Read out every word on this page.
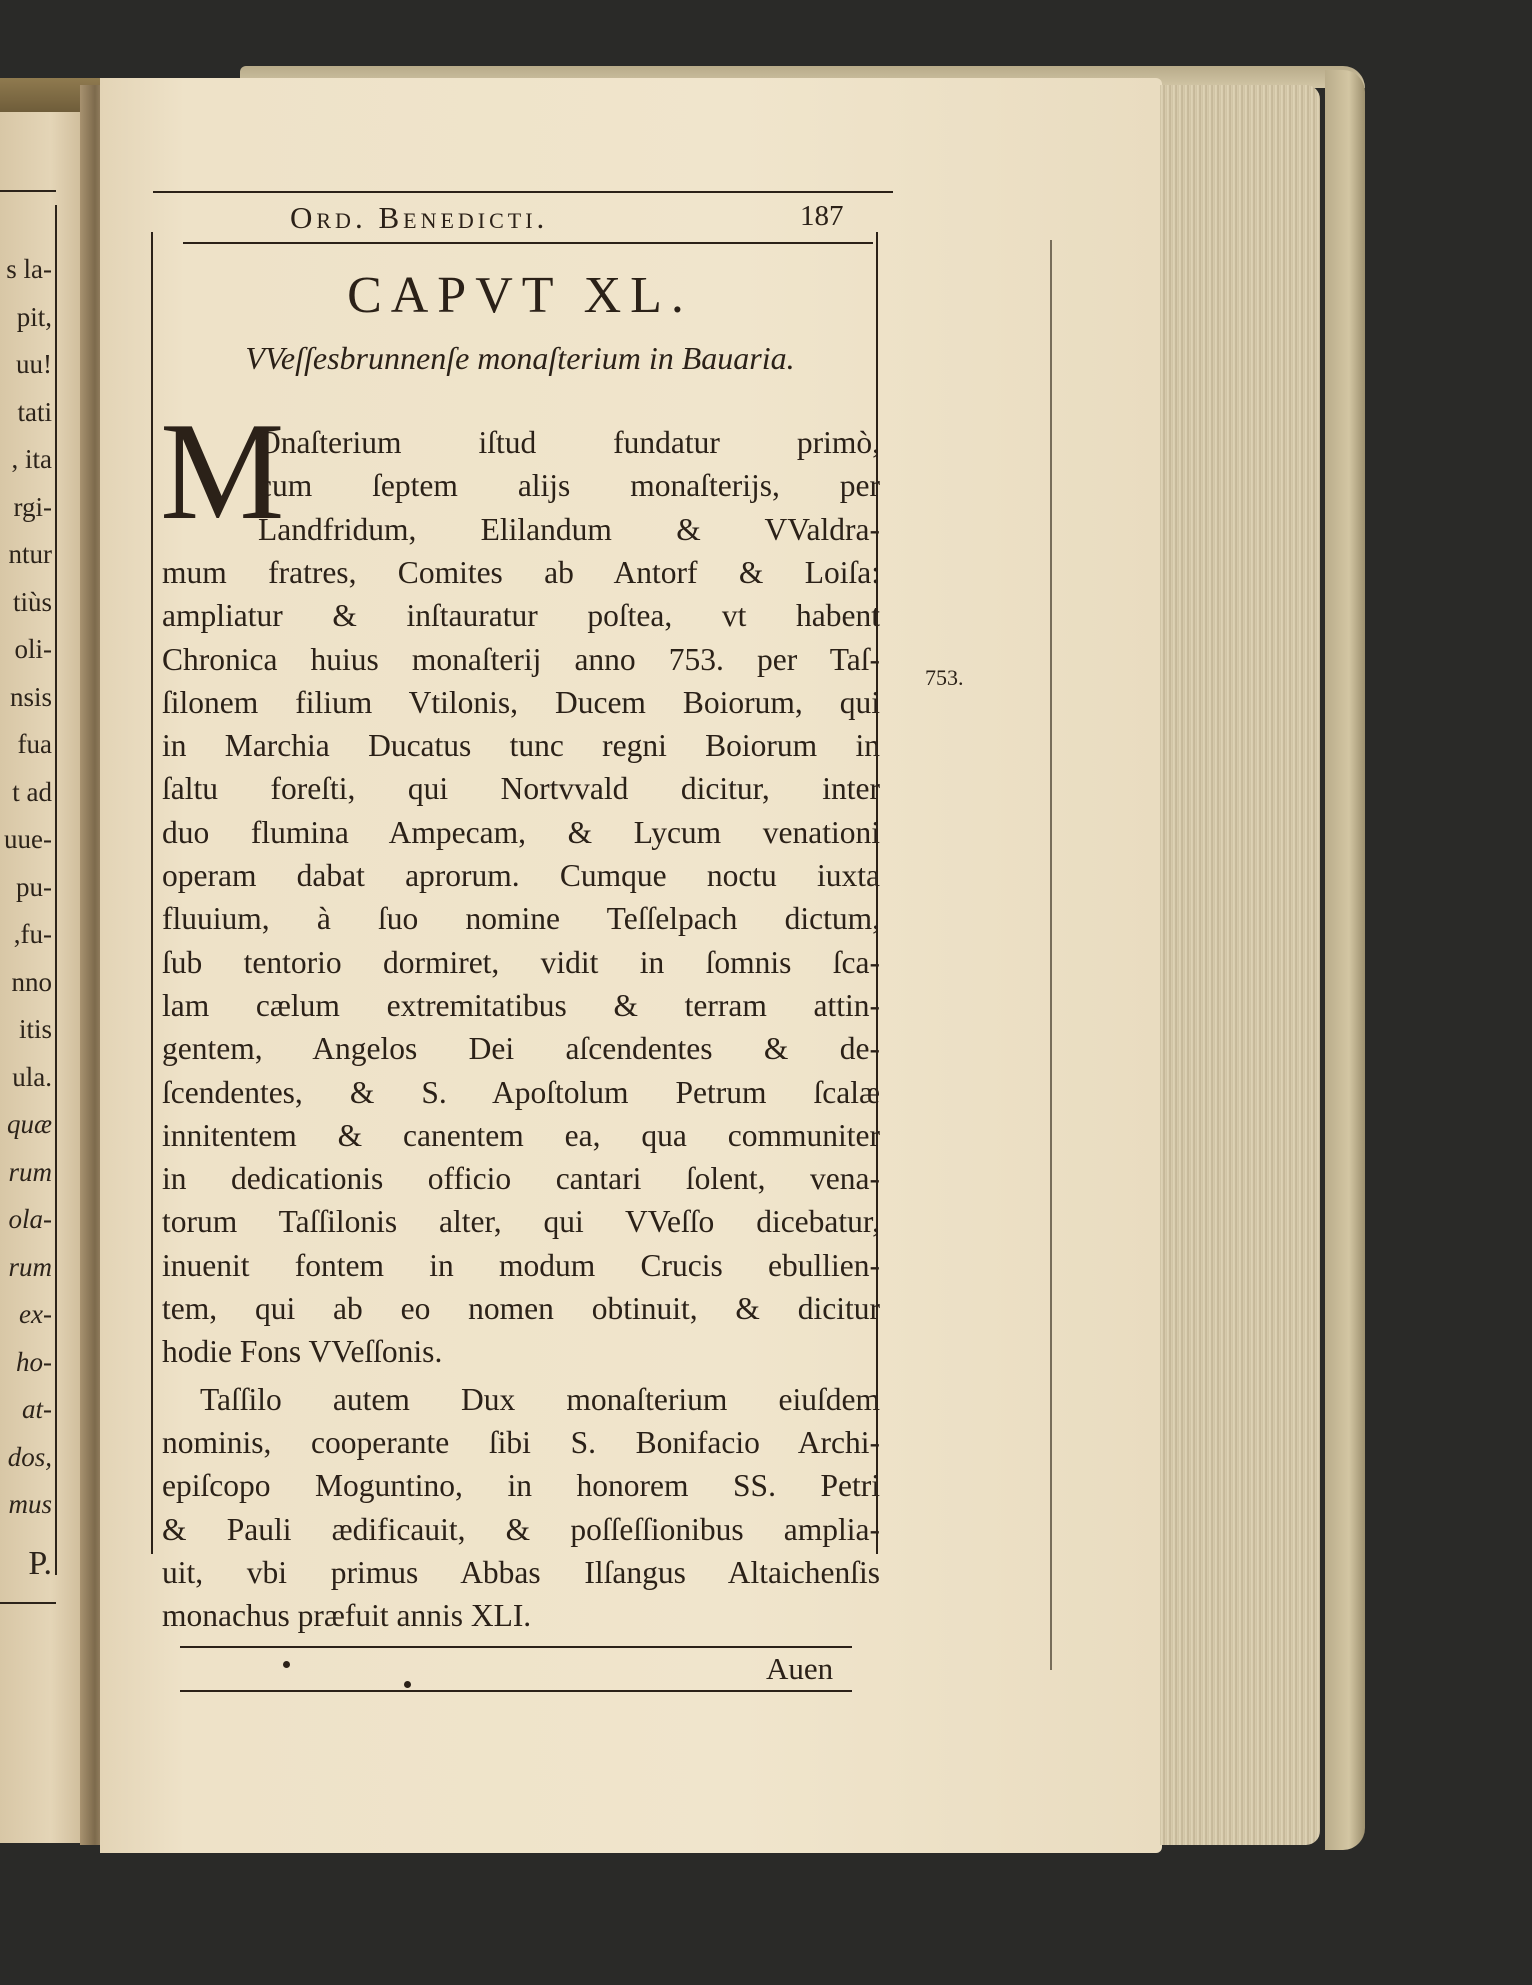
s la-
pit,
uu!
tati
, ita
rgi-
ntur
tiùs
oli-
nsis
fua
t ad
uue-
pu-
,fu-
nno
itis
ula.
quæ
rum
ola-
rum
ex-
ho-
at-
dos,
mus
P.
Ord. Benedicti.	187
CAPVT XL.
VVeſſesbrunnenſe monaſterium in Bauaria.
M
Onaſterium iſtud fundatur primò,
cum ſeptem alijs monaſterijs, per
Landfridum, Elilandum & VValdra-
mum fratres, Comites ab Antorf & Loiſa:
ampliatur & inſtauratur poſtea, vt habent
Chronica huius monaſterij anno 753. per Taſ-
ſilonem filium Vtilonis, Ducem Boiorum, qui
in Marchia Ducatus tunc regni Boiorum in
ſaltu foreſti, qui Nortvvald dicitur, inter
duo flumina Ampecam, & Lycum venationi
operam dabat aprorum. Cumque noctu iuxta
fluuium, à ſuo nomine Teſſelpach dictum,
ſub tentorio dormiret, vidit in ſomnis ſca-
lam cælum extremitatibus & terram attin-
gentem, Angelos Dei aſcendentes & de-
ſcendentes, & S. Apoſtolum Petrum ſcalæ
innitentem & canentem ea, qua communiter
in dedicationis officio cantari ſolent, vena-
torum Taſſilonis alter, qui VVeſſo dicebatur,
inuenit fontem in modum Crucis ebullien-
tem, qui ab eo nomen obtinuit, & dicitur
hodie Fons VVeſſonis.
Taſſilo autem Dux monaſterium eiuſdem
nominis, cooperante ſibi S. Bonifacio Archi-
epiſcopo Moguntino, in honorem SS. Petri
& Pauli ædificauit, & poſſeſſionibus amplia-
uit, vbi primus Abbas Ilſangus Altaichenſis
monachus præfuit annis XLI.
753.
Auen
